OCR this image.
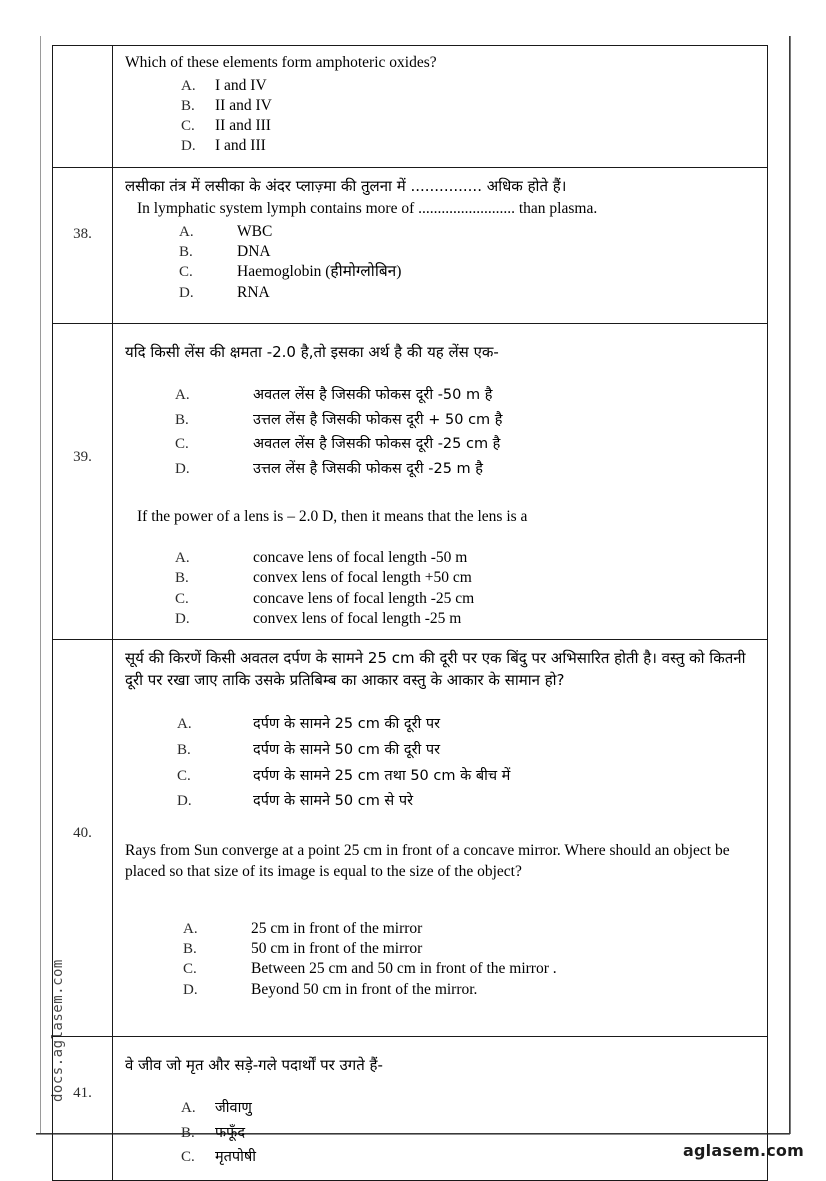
docs.aglasem.com
aglasem.com

Which of these elements form amphoteric oxides?

A.	I and IV
B.	II and IV
C.	II and III
D.	I and III

38.

लसीका तंत्र में लसीका के अंदर प्लाज़्मा की तुलना में ............... अधिक होते हैं।

In lymphatic system lymph contains more of ......................... than plasma.

A.	WBC
B.	DNA
C.	Haemoglobin (हीमोग्लोबिन)
D.	RNA

39.

यदि किसी लेंस की क्षमता -2.0 है,तो इसका अर्थ है की यह लेंस एक-

A.	अवतल लेंस है जिसकी फोकस दूरी -50 m है
B.	उत्तल लेंस है जिसकी फोकस दूरी + 50 cm है
C.	अवतल लेंस है जिसकी फोकस दूरी -25 cm है
D.	उत्तल लेंस है जिसकी फोकस दूरी -25 m है

If the power of a lens is – 2.0 D, then it means that the lens is a

A.	concave lens of focal length -50 m
B.	convex lens of focal length +50 cm
C.	concave lens of focal length -25 cm
D.	convex lens of focal length -25 m

40.

सूर्य की किरणें किसी अवतल दर्पण के सामने 25 cm की दूरी पर एक बिंदु पर अभिसारित होती है। वस्तु को कितनी दूरी पर रखा जाए ताकि उसके प्रतिबिम्ब का आकार वस्तु के आकार के सामान हो?

A.	दर्पण के सामने 25 cm की दूरी पर
B.	दर्पण के सामने 50 cm की दूरी पर
C.	दर्पण के सामने 25 cm तथा 50 cm के बीच में
D.	दर्पण के सामने 50 cm से परे

Rays from Sun converge at a point 25 cm in front of a concave mirror. Where should an object be placed so that size of its image is equal to the size of the object?

A.	25 cm in front of the mirror
B.	50 cm in front of the mirror
C.	Between 25 cm and 50 cm in front of the mirror .
D.	Beyond 50 cm in front of the mirror.

41.

वे जीव जो मृत और सड़े-गले पदार्थों पर उगते हैं-

A.	जीवाणु
B.	फफूँद
C.	मृतपोषी
